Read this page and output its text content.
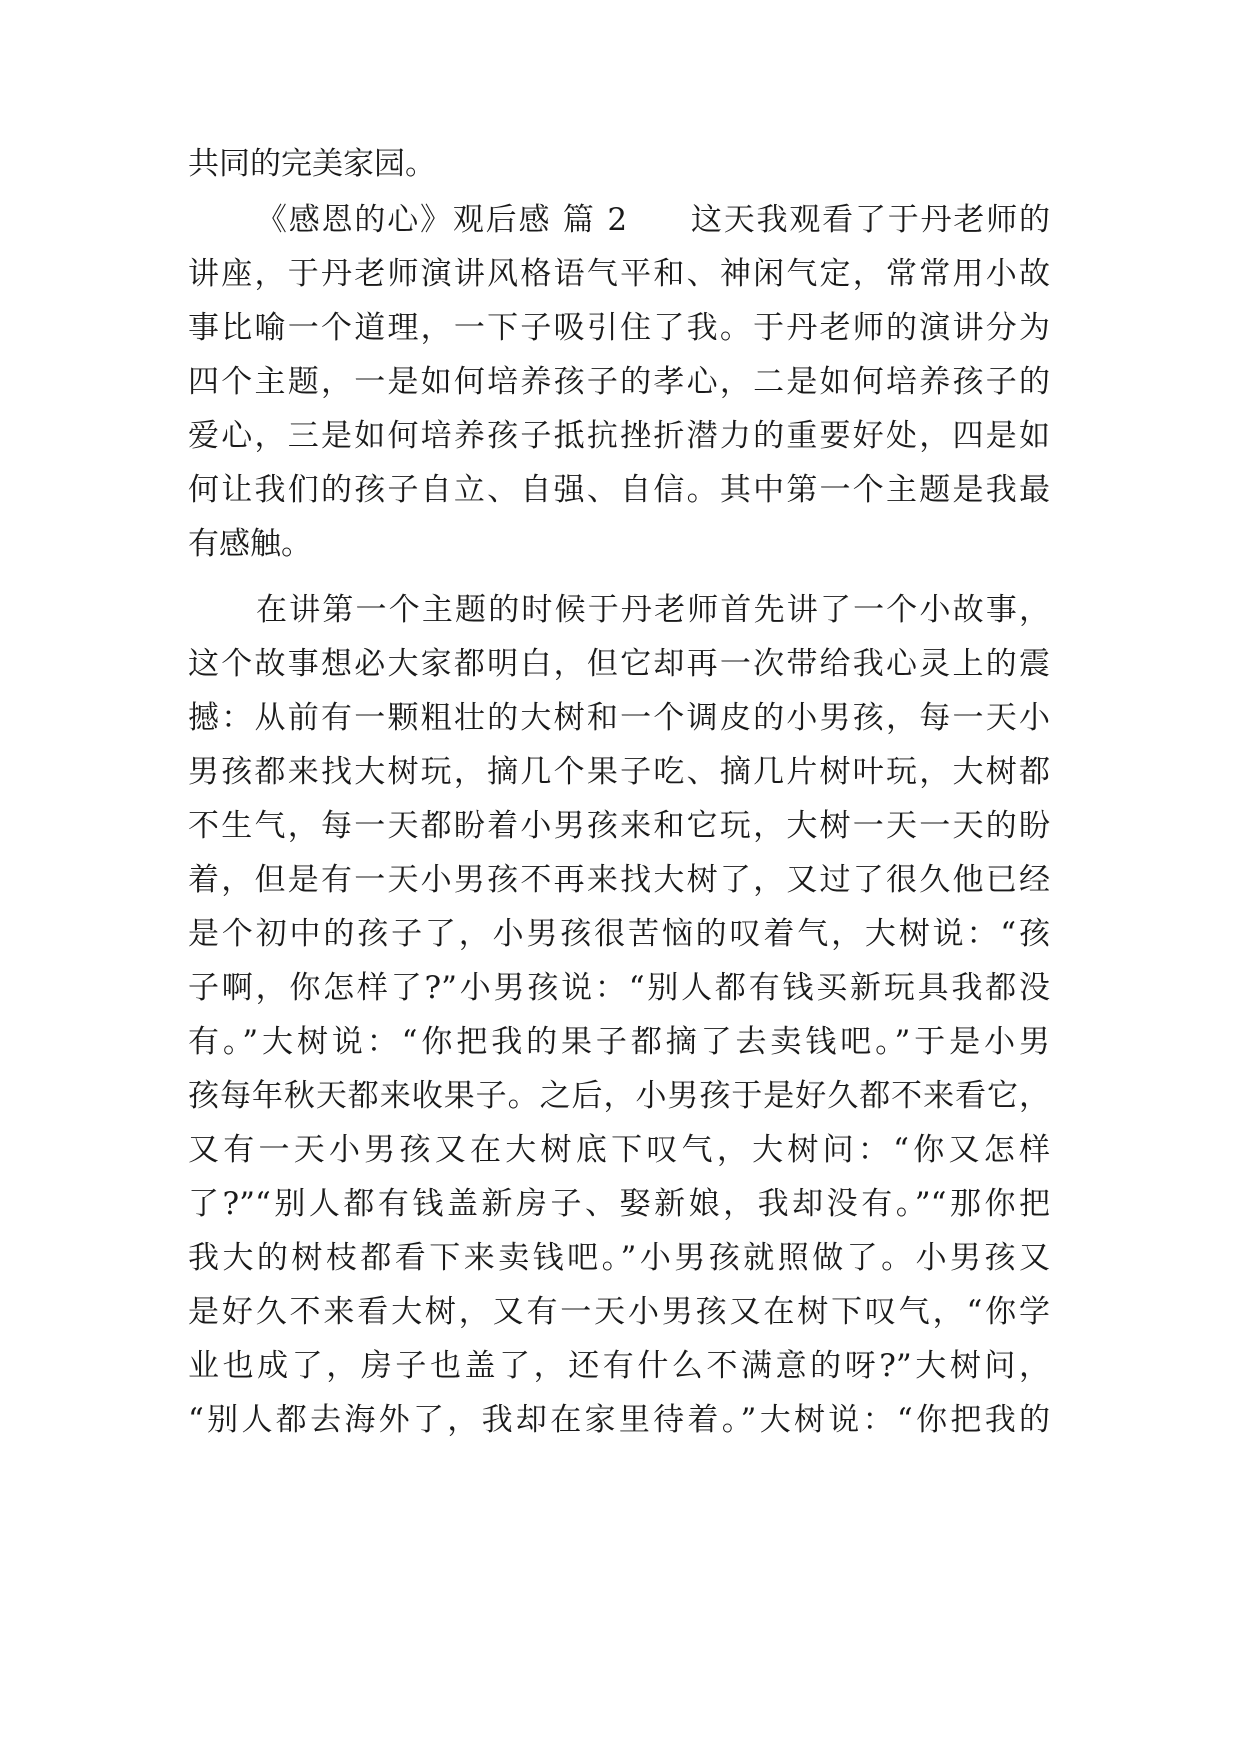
共同的完美家园。
《感恩的心》观后感 篇 2 这天我观看了于丹老师的
讲座，于丹老师演讲风格语气平和、神闲气定，常常用小故
事比喻一个道理，一下子吸引住了我。于丹老师的演讲分为
四个主题，一是如何培养孩子的孝心，二是如何培养孩子的
爱心，三是如何培养孩子抵抗挫折潜力的重要好处，四是如
何让我们的孩子自立、自强、自信。其中第一个主题是我最
有感触。
在讲第一个主题的时候于丹老师首先讲了一个小故事，
这个故事想必大家都明白，但它却再一次带给我心灵上的震
撼：从前有一颗粗壮的大树和一个调皮的小男孩，每一天小
男孩都来找大树玩，摘几个果子吃、摘几片树叶玩，大树都
不生气，每一天都盼着小男孩来和它玩，大树一天一天的盼
着，但是有一天小男孩不再来找大树了，又过了很久他已经
是个初中的孩子了，小男孩很苦恼的叹着气，大树说：“孩
子啊，你怎样了?”小男孩说：“别人都有钱买新玩具我都没
有。”大树说：“你把我的果子都摘了去卖钱吧。”于是小男
孩每年秋天都来收果子。之后，小男孩于是好久都不来看它，
又有一天小男孩又在大树底下叹气，大树问：“你又怎样
了?”“别人都有钱盖新房子、娶新娘，我却没有。”“那你把
我大的树枝都看下来卖钱吧。”小男孩就照做了。小男孩又
是好久不来看大树，又有一天小男孩又在树下叹气，“你学
业也成了，房子也盖了，还有什么不满意的呀?”大树问，
“别人都去海外了，我却在家里待着。”大树说：“你把我的
